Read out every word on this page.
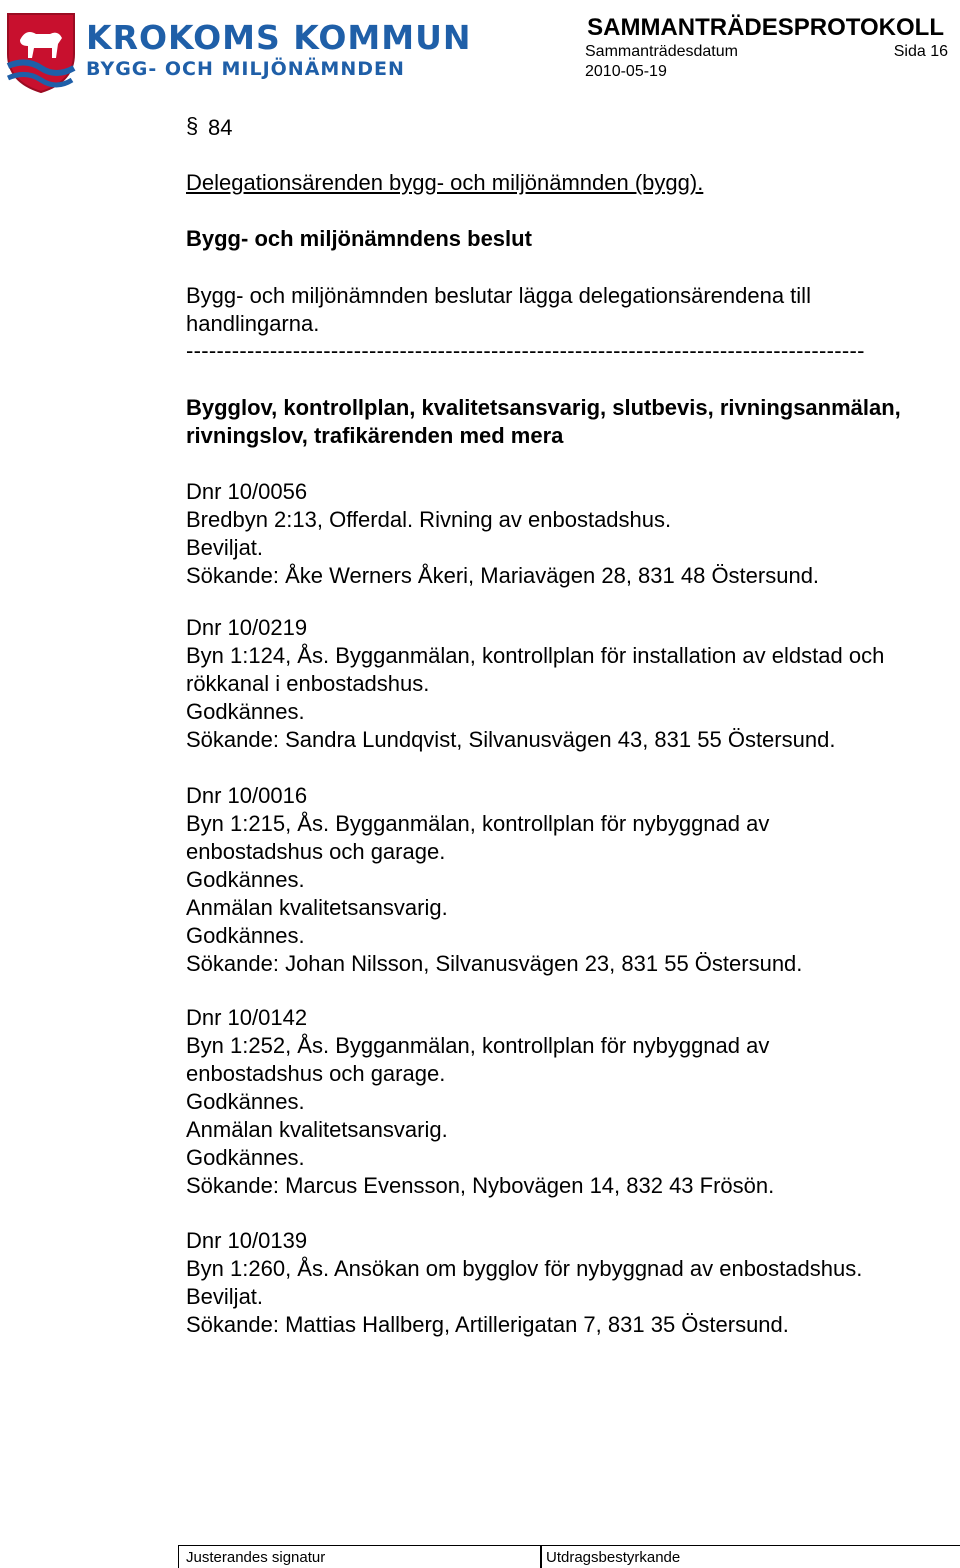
KROKOMS KOMMUN
BYGG- OCH MILJÖNÄMNDEN
SAMMANTRÄDESPROTOKOLL
Sammanträdesdatum	Sida 16
2010-05-19
§ 84
Delegationsärenden bygg- och miljönämnden (bygg).
Bygg- och miljönämndens beslut
Bygg- och miljönämnden beslutar lägga delegationsärendena till handlingarna.
-----------------------------------------------------------------------------------------
Bygglov, kontrollplan, kvalitetsansvarig, slutbevis, rivningsanmälan, rivningslov, trafikärenden med mera
Dnr 10/0056
Bredbyn 2:13, Offerdal. Rivning av enbostadshus.
Beviljat.
Sökande: Åke Werners Åkeri, Mariavägen 28, 831 48 Östersund.
Dnr 10/0219
Byn 1:124, Ås. Bygganmälan, kontrollplan för installation av eldstad och rökkanal i enbostadshus.
Godkännes.
Sökande: Sandra Lundqvist, Silvanusvägen 43, 831 55 Östersund.
Dnr 10/0016
Byn 1:215, Ås. Bygganmälan, kontrollplan för nybyggnad av enbostadshus och garage.
Godkännes.
Anmälan kvalitetsansvarig.
Godkännes.
Sökande: Johan Nilsson, Silvanusvägen 23, 831 55 Östersund.
Dnr 10/0142
Byn 1:252, Ås. Bygganmälan, kontrollplan för nybyggnad av enbostadshus och garage.
Godkännes.
Anmälan kvalitetsansvarig.
Godkännes.
Sökande: Marcus Evensson, Nybovägen 14, 832 43 Frösön.
Dnr 10/0139
Byn 1:260, Ås. Ansökan om bygglov för nybyggnad av enbostadshus.
Beviljat.
Sökande: Mattias Hallberg, Artillerigatan 7, 831 35 Östersund.
Justerandes signatur	Utdragsbestyrkande
